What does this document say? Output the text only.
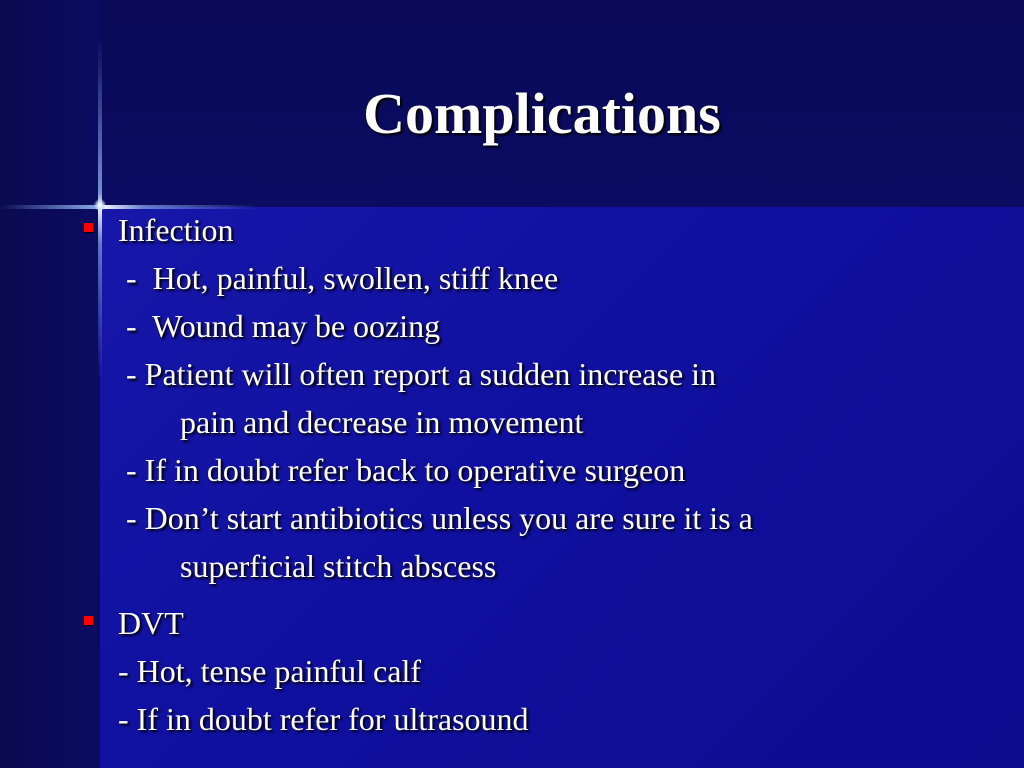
Complications
Infection
-  Hot, painful, swollen, stiff knee
-  Wound may be oozing
- Patient will often report a sudden increase in
pain and decrease in movement
- If in doubt refer back to operative surgeon
- Don’t start antibiotics unless you are sure it is a
superficial stitch abscess
DVT
- Hot, tense painful calf
- If in doubt refer for ultrasound
